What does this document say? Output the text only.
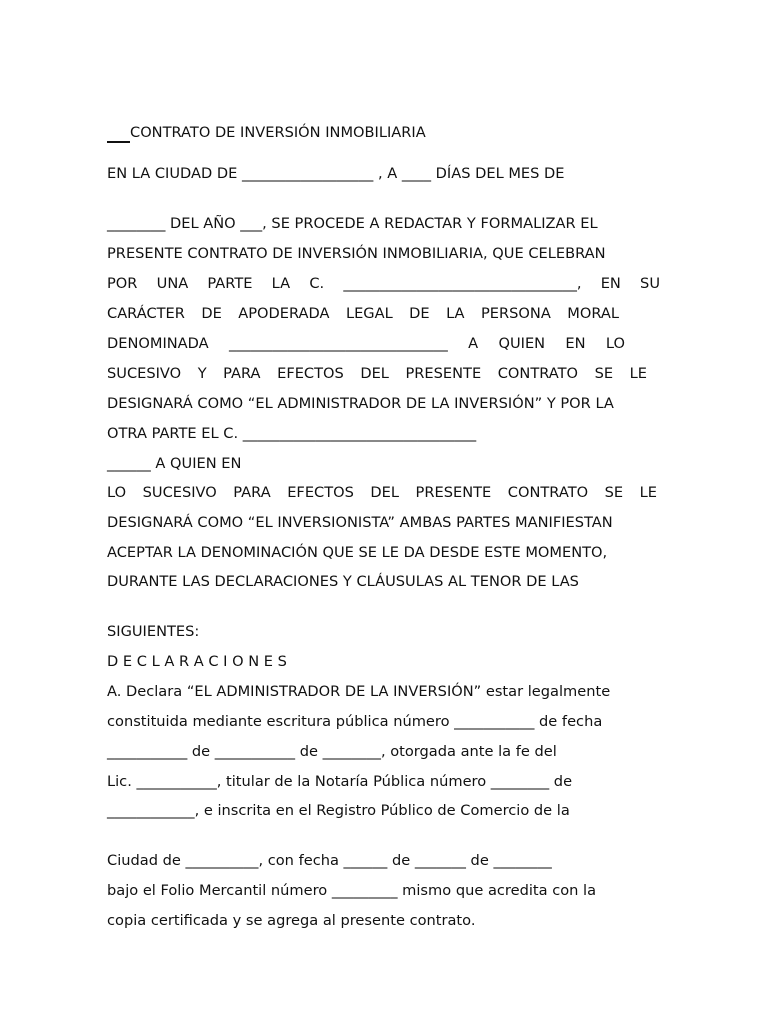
CONTRATO DE INVERSIÓN INMOBILIARIA
EN LA CIUDAD DE __________________ , A ____ DÍAS DEL MES DE
________ DEL AÑO ___, SE PROCEDE A REDACTAR Y FORMALIZAR EL
PRESENTE CONTRATO DE INVERSIÓN INMOBILIARIA, QUE CELEBRAN
POR UNA PARTE LA C. ________________________________, EN SU
CARÁCTER DE APODERADA LEGAL DE LA PERSONA MORAL
DENOMINADA ______________________________ A QUIEN EN LO
SUCESIVO Y PARA EFECTOS DEL PRESENTE CONTRATO SE LE
DESIGNARÁ COMO “EL ADMINISTRADOR DE LA INVERSIÓN” Y POR LA
OTRA PARTE EL C. ________________________________
______ A QUIEN EN
LO SUCESIVO PARA EFECTOS DEL PRESENTE CONTRATO SE LE
DESIGNARÁ COMO “EL INVERSIONISTA” AMBAS PARTES MANIFIESTAN
ACEPTAR LA DENOMINACIÓN QUE SE LE DA DESDE ESTE MOMENTO,
DURANTE LAS DECLARACIONES Y CLÁUSULAS AL TENOR DE LAS
SIGUIENTES:
D E C L A R A C I O N E S
A. Declara “EL ADMINISTRADOR DE LA INVERSIÓN” estar legalmente
constituida mediante escritura pública número ___________ de fecha
___________ de ___________ de ________, otorgada ante la fe del
Lic. ___________, titular de la Notaría Pública número ________ de
____________, e inscrita en el Registro Público de Comercio de la
Ciudad de __________, con fecha ______ de _______ de ________
bajo el Folio Mercantil número _________ mismo que acredita con la
copia certificada y se agrega al presente contrato.
